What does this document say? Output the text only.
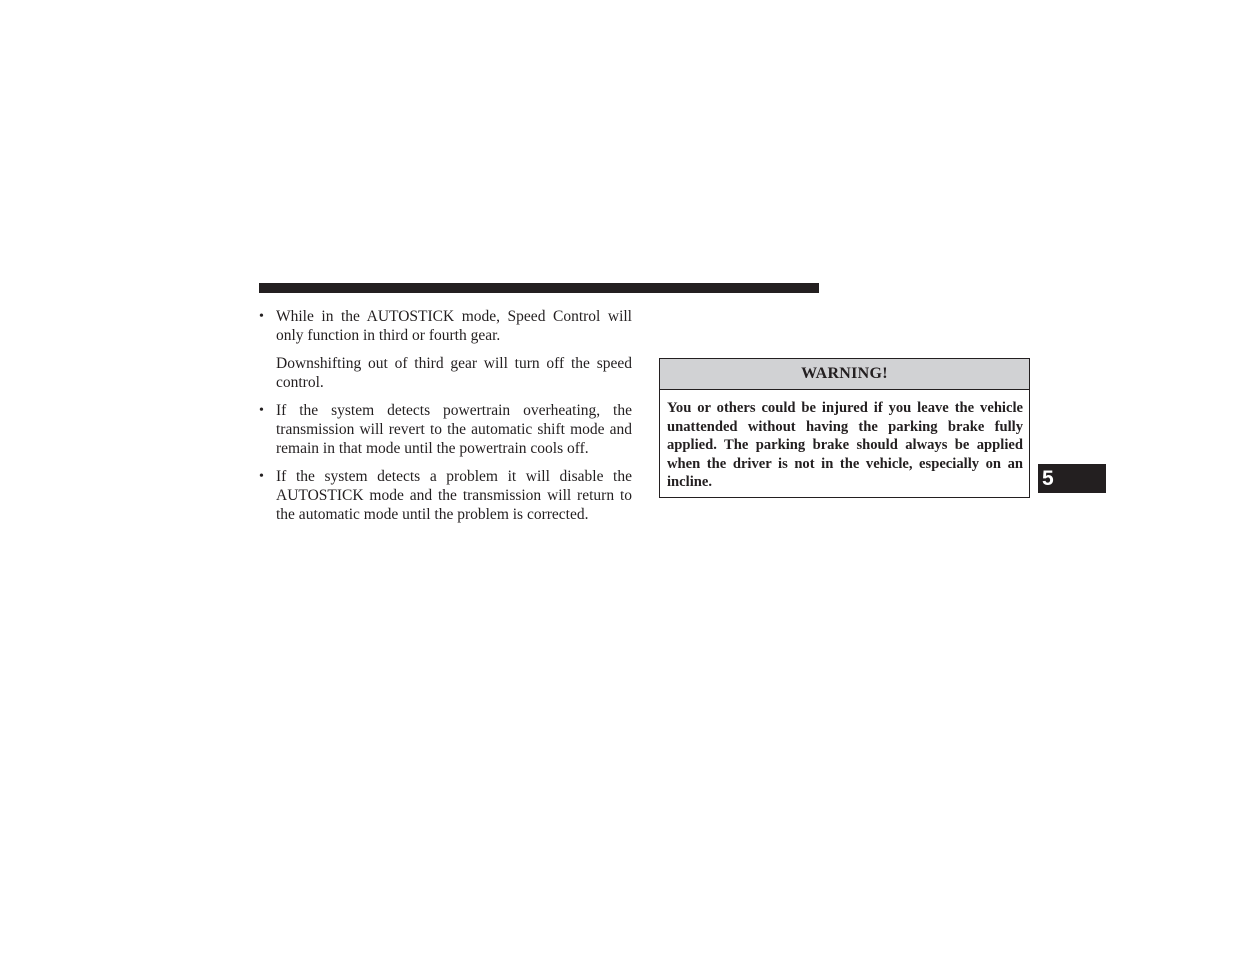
• While in the AUTOSTICK mode, Speed Control will only function in third or fourth gear.
Downshifting out of third gear will turn off the speed control.
• If the system detects powertrain overheating, the transmission will revert to the automatic shift mode and remain in that mode until the powertrain cools off.
• If the system detects a problem it will disable the AUTOSTICK mode and the transmission will return to the automatic mode until the problem is corrected.
WARNING!
You or others could be injured if you leave the vehicle unattended without having the parking brake fully applied. The parking brake should always be applied when the driver is not in the vehicle, especially on an incline.	5
